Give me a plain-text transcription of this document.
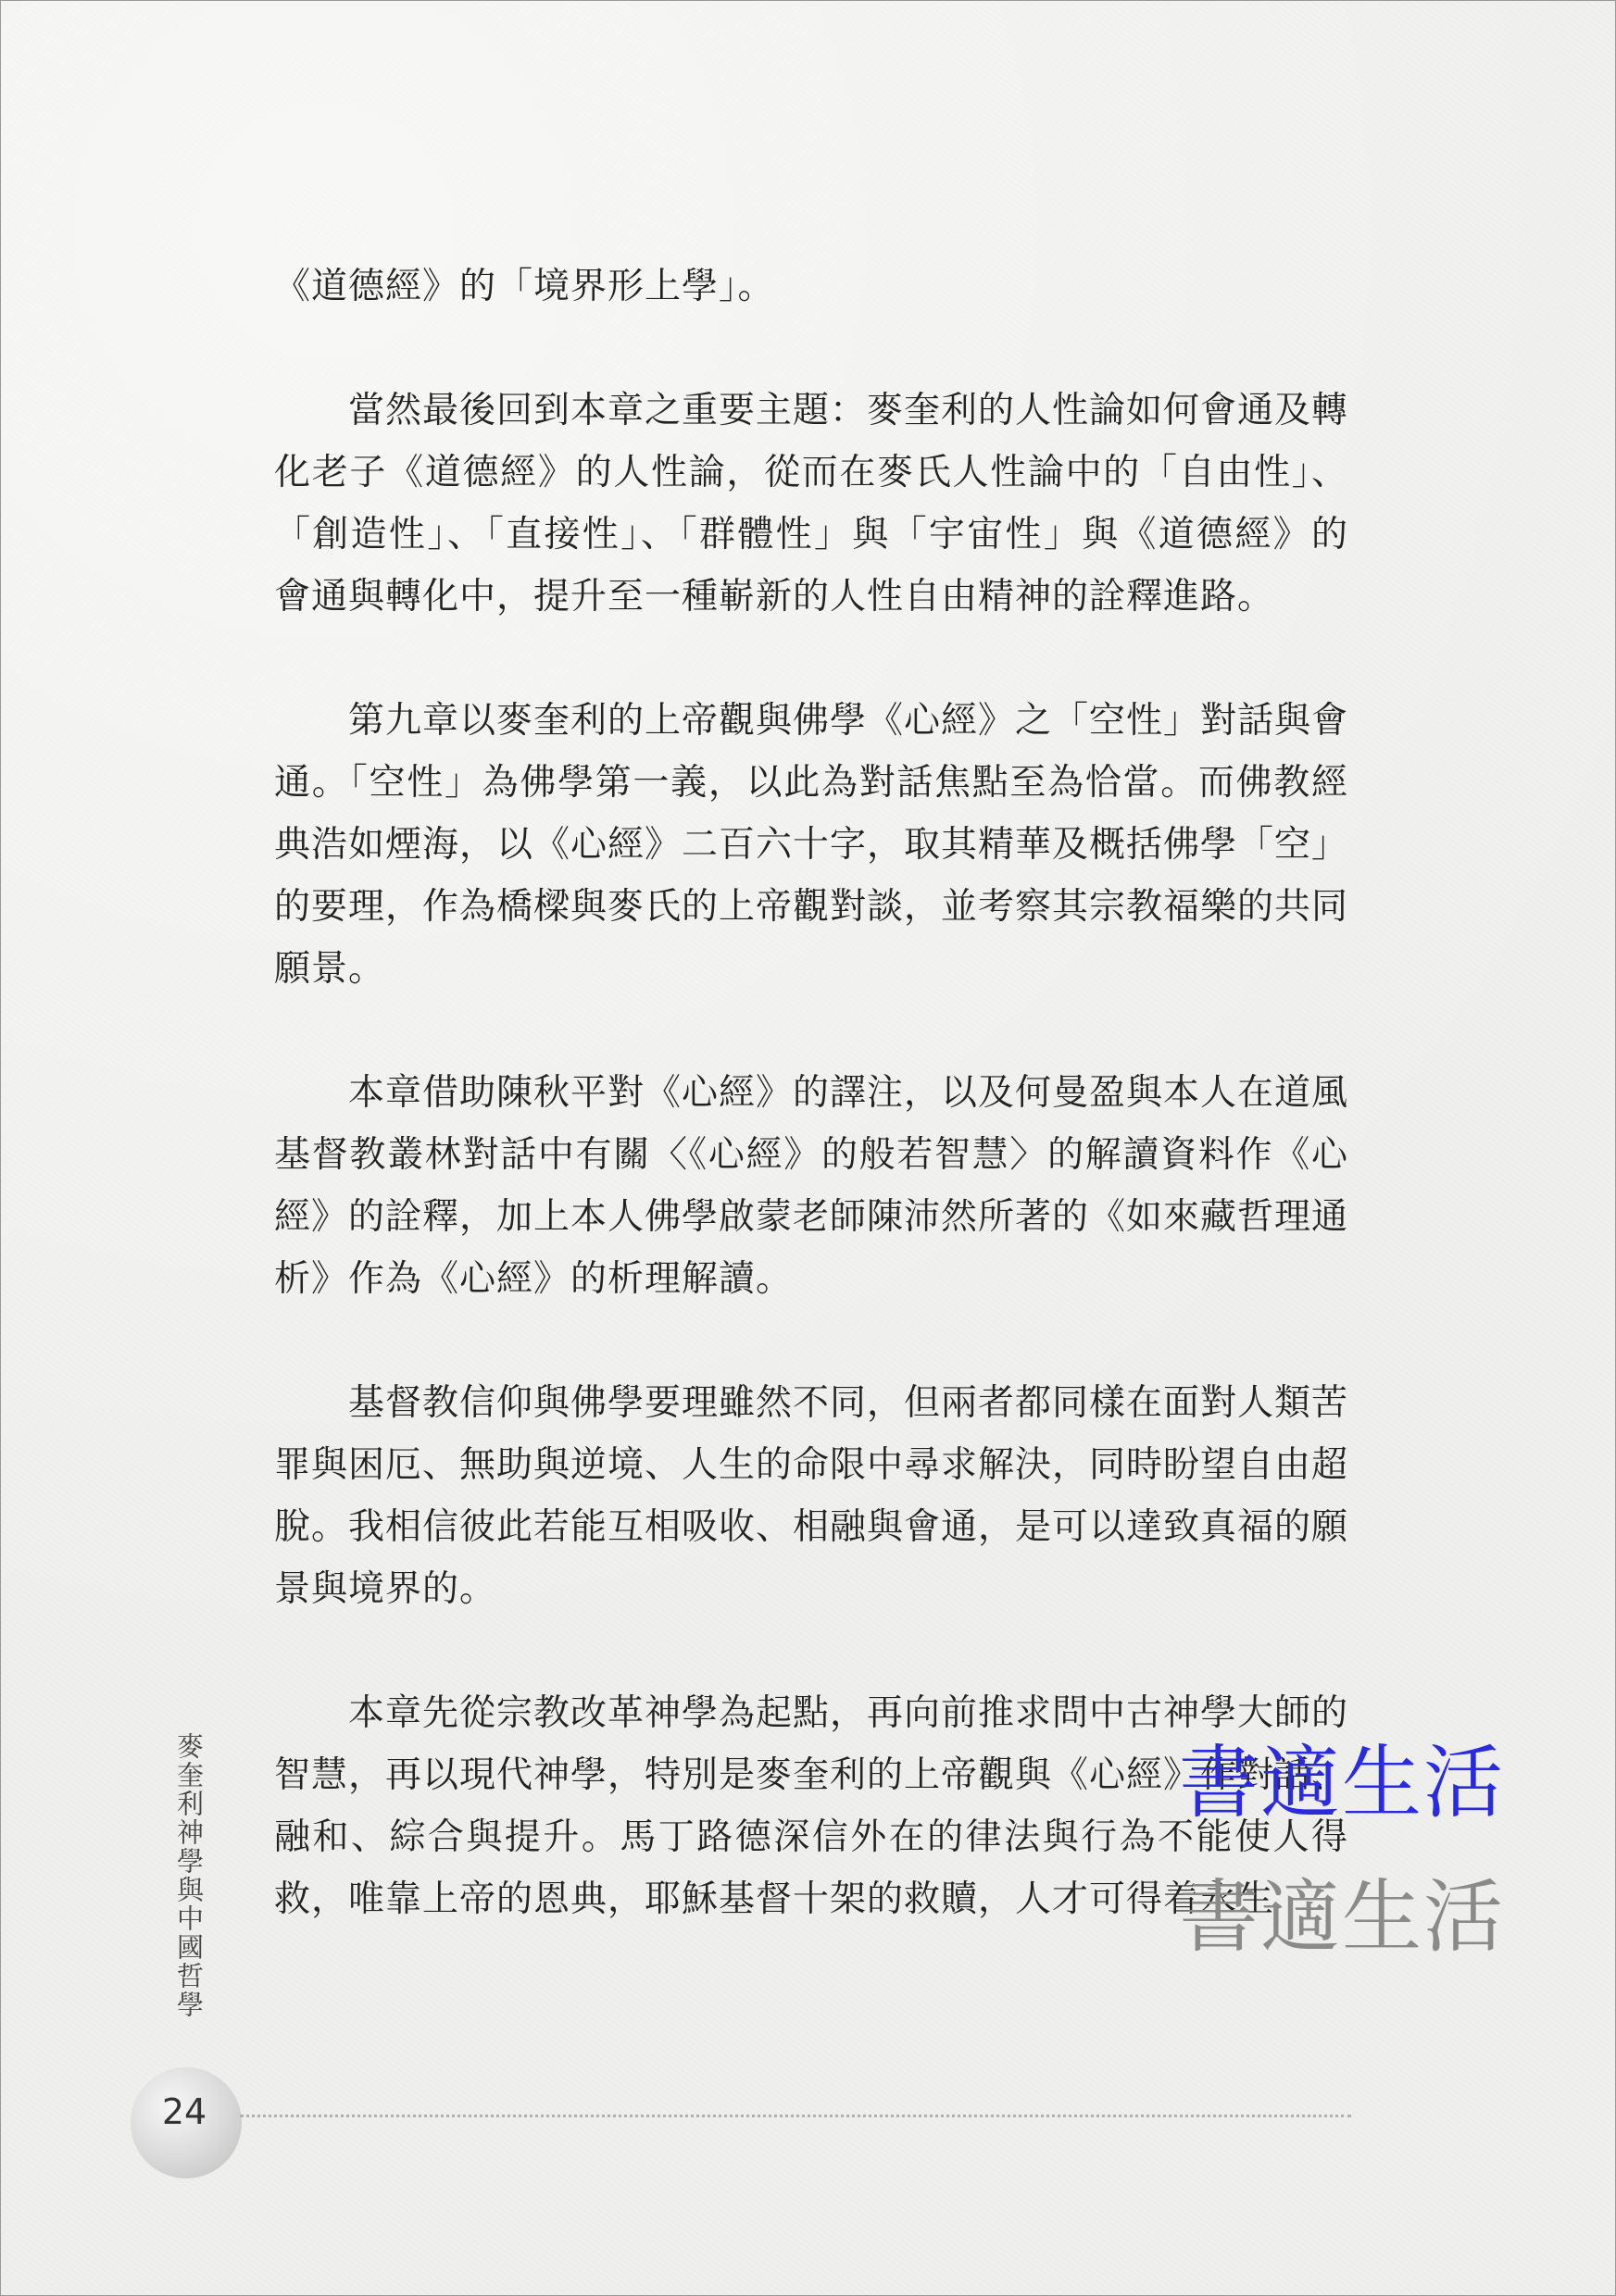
《道德經》的「境界形上學」。

當然最後回到本章之重要主題：麥奎利的人性論如何會通及轉化老子《道德經》的人性論，從而在麥氏人性論中的「自由性」、「創造性」、「直接性」、「群體性」與「宇宙性」與《道德經》的會通與轉化中，提升至一種嶄新的人性自由精神的詮釋進路。

第九章以麥奎利的上帝觀與佛學《心經》之「空性」對話與會通。「空性」為佛學第一義，以此為對話焦點至為恰當。而佛教經典浩如煙海，以《心經》二百六十字，取其精華及概括佛學「空」的要理，作為橋樑與麥氏的上帝觀對談，並考察其宗教福樂的共同願景。

本章借助陳秋平對《心經》的譯注，以及何曼盈與本人在道風基督教叢林對話中有關〈《心經》的般若智慧〉的解讀資料作《心經》的詮釋，加上本人佛學啟蒙老師陳沛然所著的《如來藏哲理通析》作為《心經》的析理解讀。

基督教信仰與佛學要理雖然不同，但兩者都同樣在面對人類苦罪與困厄、無助與逆境、人生的命限中尋求解決，同時盼望自由超脫。我相信彼此若能互相吸收、相融與會通，是可以達致真福的願景與境界的。

本章先從宗教改革神學為起點，再向前推求問中古神學大師的智慧，再以現代神學，特別是麥奎利的上帝觀與《心經》作對話、融和、綜合與提升。馬丁路德深信外在的律法與行為不能使人得救，唯靠上帝的恩典，耶穌基督十架的救贖，人才可得着永生

麥奎利神學與中國哲學
24
書適生活
書適生活
